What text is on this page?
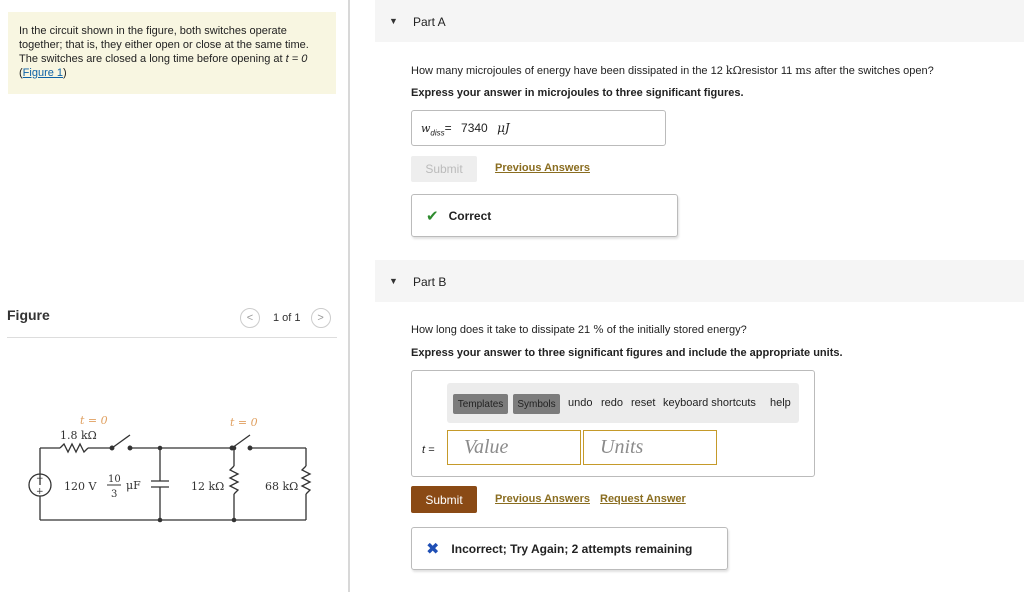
In the circuit shown in the figure, both switches operate together; that is, they either open or close at the same time. The switches are closed a long time before opening at t = 0 (Figure 1)
Figure	<	1 of 1	>
t = 0	t = 0
1.8 kΩ
−
+ 120 V
10
3
μF	12 kΩ	68 kΩ
▼ Part A
How many microjoules of energy have been dissipated in the 12 kΩresistor 11 ms after the switches open?
Express your answer in microjoules to three significant figures.
$w_{diss}= 7340$ μJ
Submit	Previous Answers
✔ Correct
▼ Part B
How long does it take to dissipate 21 % of the initially stored energy?
Express your answer to three significant figures and include the appropriate units.
Templates Symbols undo redo reset keyboard shortcuts help
t =	Value	Units
Submit	Previous Answers Request Answer
✖ Incorrect; Try Again; 2 attempts remaining
